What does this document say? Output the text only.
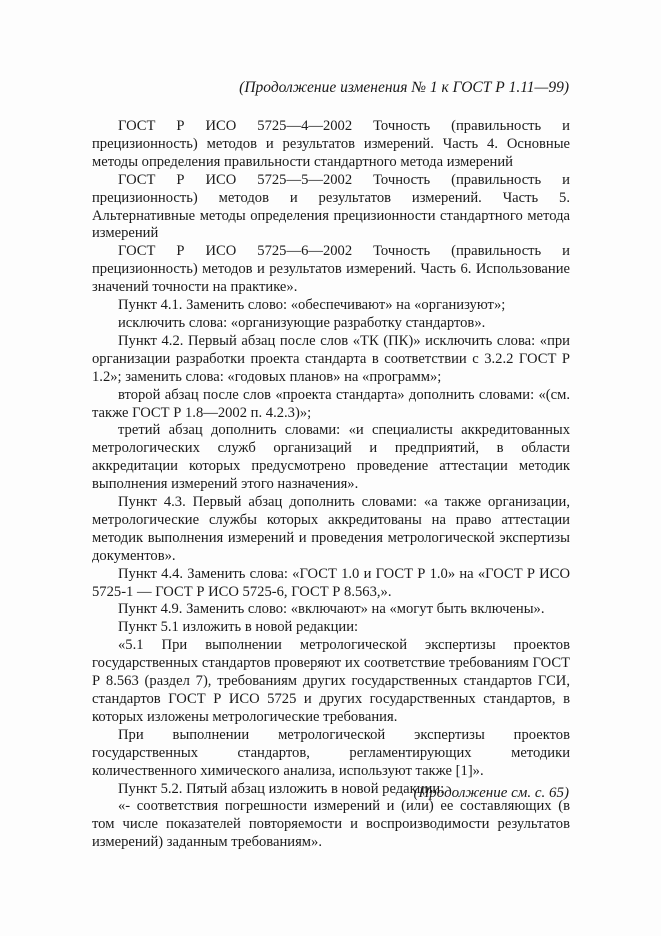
(Продолжение изменения № 1 к ГОСТ Р 1.11—99)

ГОСТ Р ИСО 5725—4—2002 Точность (правильность и прецизионность) методов и результатов измерений. Часть 4. Основные методы определения правильности стандартного метода измерений

ГОСТ Р ИСО 5725—5—2002 Точность (правильность и прецизионность) методов и результатов измерений. Часть 5. Альтернативные методы определения прецизионности стандартного метода измерений

ГОСТ Р ИСО 5725—6—2002 Точность (правильность и прецизионность) методов и результатов измерений. Часть 6. Использование значений точности на практике».

Пункт 4.1. Заменить слово: «обеспечивают» на «организуют»;

исключить слова: «организующие разработку стандартов».

Пункт 4.2. Первый абзац после слов «ТК (ПК)» исключить слова: «при организации разработки проекта стандарта в соответствии с 3.2.2 ГОСТ Р 1.2»; заменить слова: «годовых планов» на «программ»;

второй абзац после слов «проекта стандарта» дополнить словами: «(см. также ГОСТ Р 1.8—2002 п. 4.2.3)»;

третий абзац дополнить словами: «и специалисты аккредитованных метрологических служб организаций и предприятий, в области аккредитации которых предусмотрено проведение аттестации методик выполнения измерений этого назначения».

Пункт 4.3. Первый абзац дополнить словами: «а также организации, метрологические службы которых аккредитованы на право аттестации методик выполнения измерений и проведения метрологической экспертизы документов».

Пункт 4.4. Заменить слова: «ГОСТ 1.0 и ГОСТ Р 1.0» на «ГОСТ Р ИСО 5725-1 — ГОСТ Р ИСО 5725-6, ГОСТ Р 8.563,».

Пункт 4.9. Заменить слово: «включают» на «могут быть включены».

Пункт 5.1 изложить в новой редакции:

«5.1 При выполнении метрологической экспертизы проектов государственных стандартов проверяют их соответствие требованиям ГОСТ Р 8.563 (раздел 7), требованиям других государственных стандартов ГСИ, стандартов ГОСТ Р ИСО 5725 и других государственных стандартов, в которых изложены метрологические требования.

При выполнении метрологической экспертизы проектов государственных стандартов, регламентирующих методики количественного химического анализа, используют также [1]».

Пункт 5.2. Пятый абзац изложить в новой редакции:

«- соответствия погрешности измерений и (или) ее составляющих (в том числе показателей повторяемости и воспроизводимости результатов измерений) заданным требованиям».

(Продолжение см. с. 65)
